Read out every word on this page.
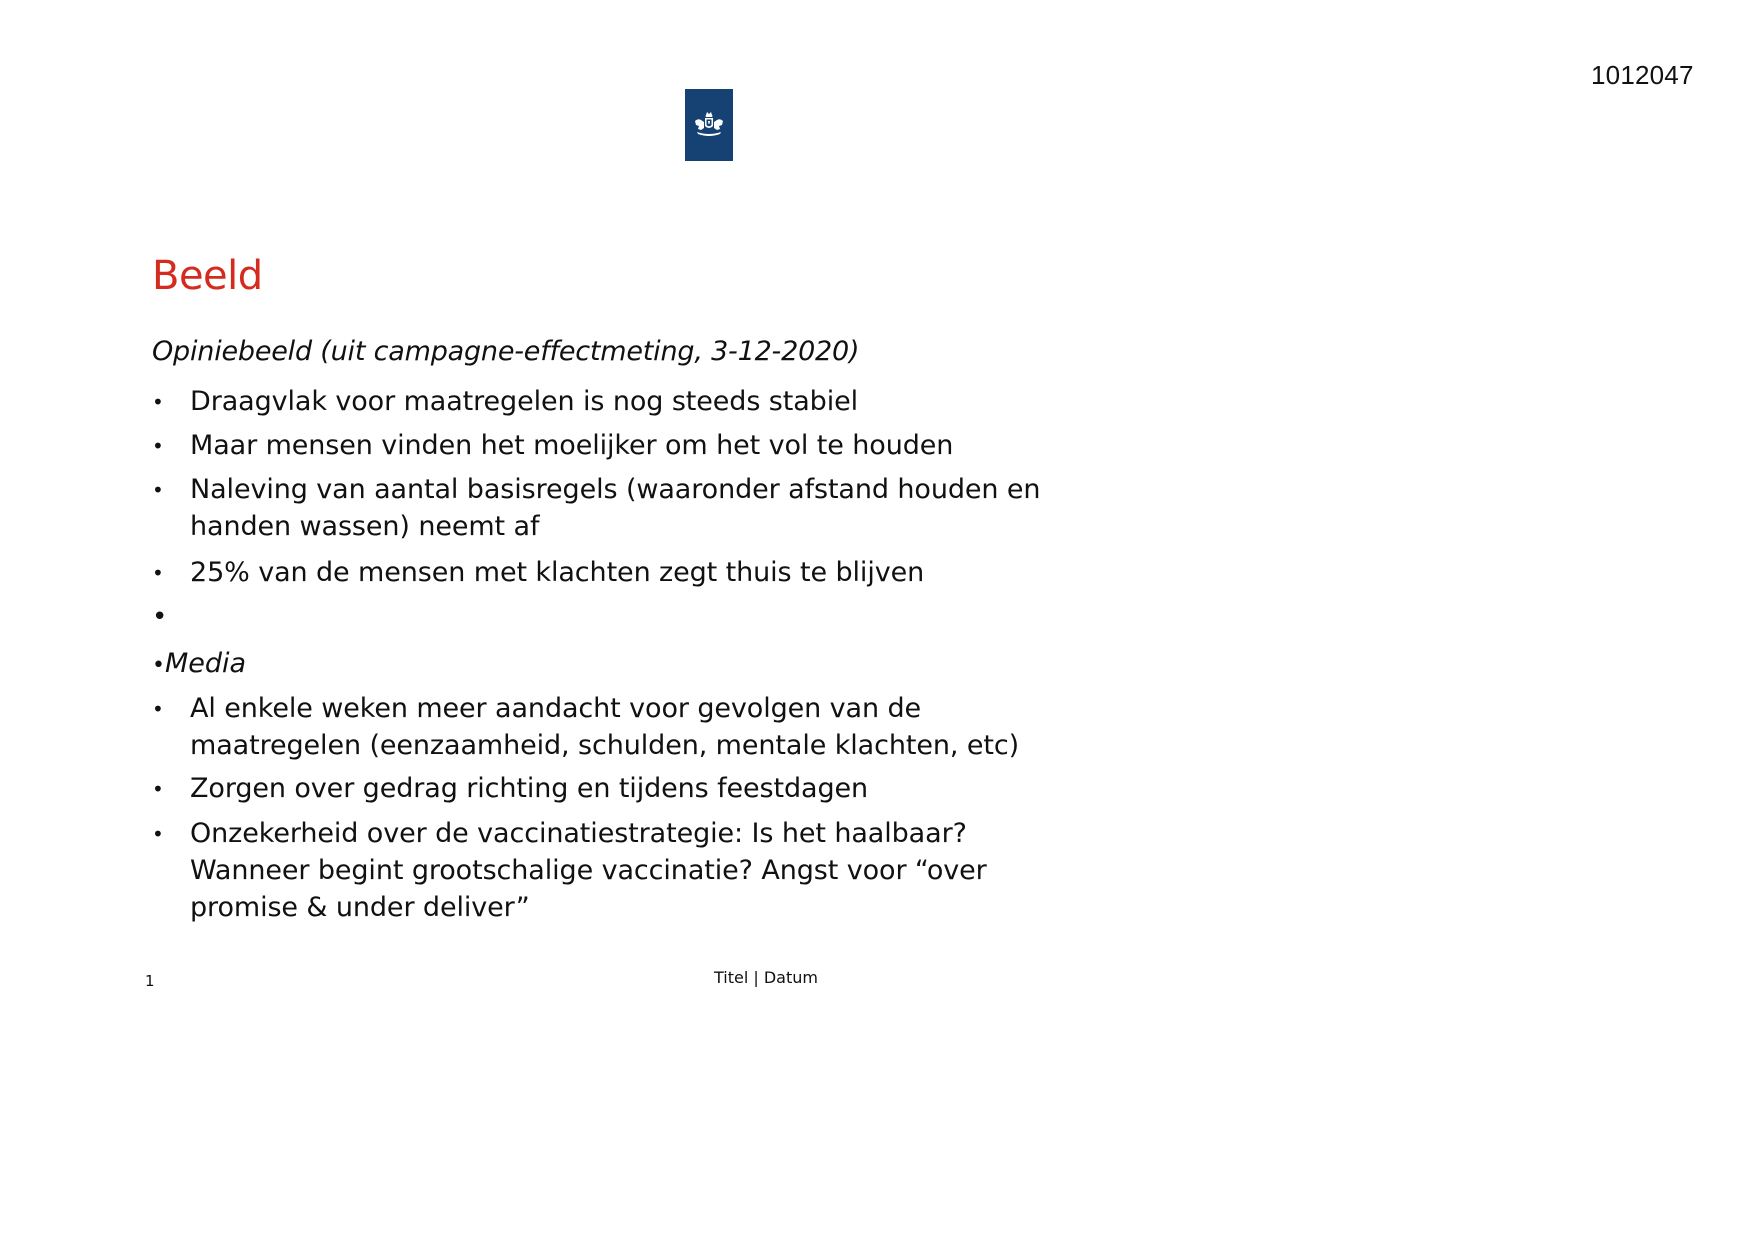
1012047
Beeld
Opiniebeeld (uit campagne-effectmeting, 3-12-2020)

•

Draagvlak voor maatregelen is nog steeds stabiel

•

Maar mensen vinden het moelijker om het vol te houden

•

Naleving van aantal basisregels (waaronder afstand houden en

handen wassen) neemt af

•

25% van de mensen met klachten zegt thuis te blijven

•
•Media

•

Al enkele weken meer aandacht voor gevolgen van de

maatregelen (eenzaamheid, schulden, mentale klachten, etc)

•

Zorgen over gedrag richting en tijdens feestdagen

•

Onzekerheid over de vaccinatiestrategie: Is het haalbaar?

Wanneer begint grootschalige vaccinatie? Angst voor “over

promise & under deliver”

1	Titel | Datum
